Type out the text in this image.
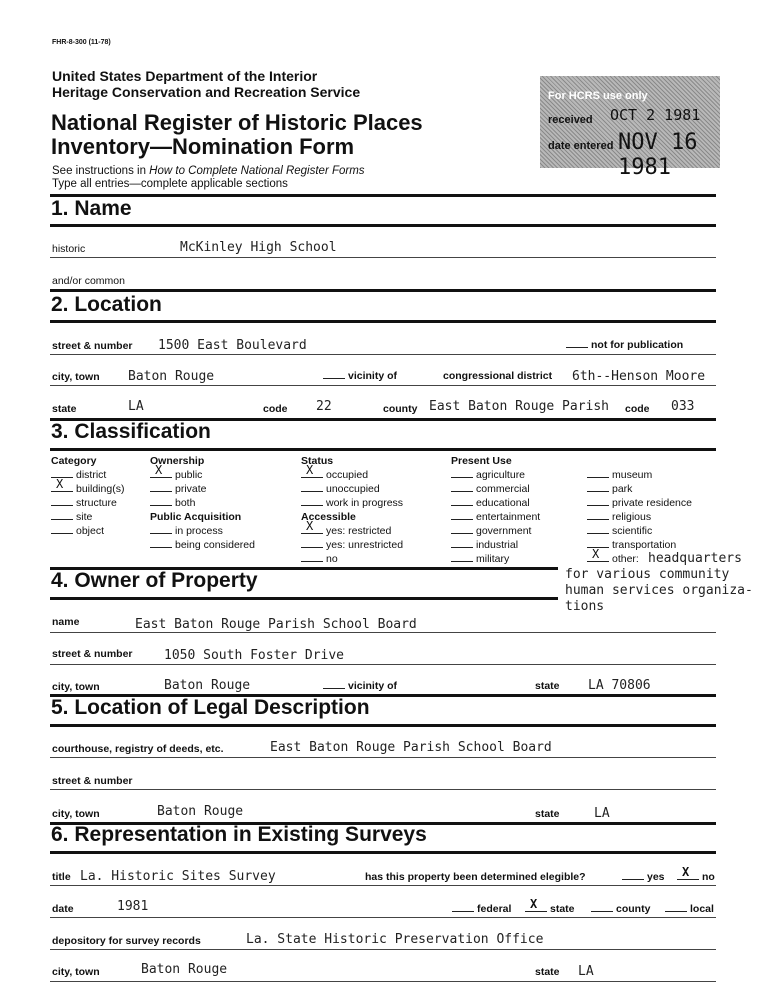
FHR-8-300 (11-78)
United States Department of the Interior
Heritage Conservation and Recreation Service
National Register of Historic Places
Inventory—Nomination Form
See instructions in How to Complete National Register Forms
Type all entries—complete applicable sections
For HCRS use only
received OCT 2 1981
date entered NOV 16 1981
1. Name
historic	McKinley High School
and/or common
2. Location
street & number 1500 East Boulevard	not for publication
city, town Baton Rouge	vicinity of	congressional district 6th--Henson Moore
state	LA	code 22	county East Baton Rouge Parish code 033
3. Classification
Category
district
X building(s)
structure
site
object
Ownership
X public
private
both
Public Acquisition
in process
being considered
Status
X occupied
unoccupied
work in progress
Accessible
X yes: restricted
yes: unrestricted
no
Present Use
agriculture
commercial
educational
entertainment
government
industrial
military
museum
park
private residence
religious
scientific
transportation
X other: headquarters
for various community
human services organiza-
tions
4. Owner of Property
name	East Baton Rouge Parish School Board
street & number 1050 South Foster Drive
city, town	Baton Rouge	vicinity of	state LA 70806
5. Location of Legal Description
courthouse, registry of deeds, etc.	East Baton Rouge Parish School Board
street & number
city, town	Baton Rouge	state	LA
6. Representation in Existing Surveys
title La. Historic Sites Survey	has this property been determined elegible?	yes X no
date	1981	federal X state	county	local
depository for survey records	La. State Historic Preservation Office
city, town	Baton Rouge	state LA
